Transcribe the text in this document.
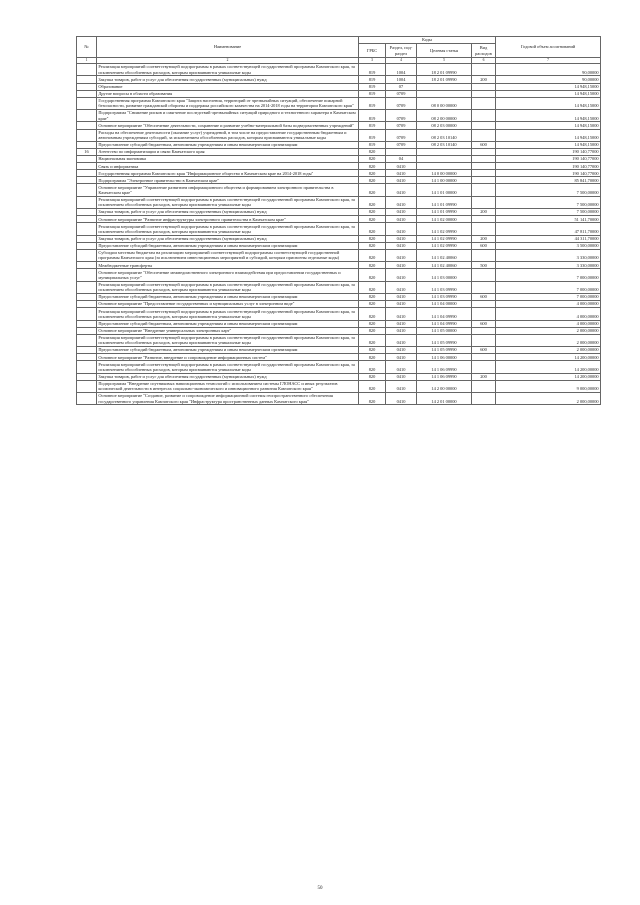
№	Наименование	Коды				Годовой объем ассигнований
		ГРБС	Раздел, под-раздел	Целевая статья	Вид расходов	
1	2	3	4	5	6	7
	Реализация мероприятий соответствующей подпрограммы в рамках соответствующей государственной программы Камчатского края, за исключением обособленных расходов, которым присваиваются уникальные коды	819	1004	18 2 01 09990		90,00000
	Закупка товаров, работ и услуг для обеспечения государственных (муниципальных) нужд	819	1004	18 2 01 09990	200	90,00000
	Образование	819	07			14 948,15000
	Другие вопросы в области образования	819	0709			14 948,15000
	Государственная программа Камчатского края "Защита населения, территорий от чрезвычайных ситуаций, обеспечение пожарной безопасности, развитие гражданской обороны и поддержка российского казачества на 2014-2018 годы на территории Камчатского края"	819	0709	08 0 00 00000		14 948,15000
	Подпрограмма "Снижение рисков и смягчение последствий чрезвычайных ситуаций природного и техногенного характера в Камчатском крае"	819	0709	08 2 00 00000		14 948,15000
	Основное мероприятие "Обеспечение деятельности, сохранение и развитие учебно-материальной базы подведомственных учреждений"	819	0709	08 2 03 00000		14 948,15000
	Расходы на обеспечение деятельности (оказание услуг) учреждений, в том числе на предоставление государственным бюджетным и автономным учреждениям субсидий, за исключением обособленных расходов, которым присваиваются уникальные коды	819	0709	08 2 03 10140		14 948,15000
	Предоставление субсидий бюджетным, автономным учреждениям и иным некоммерческим организациям	819	0709	08 2 03 10140	600	14 948,15000
16	Агентство по информатизации и связи Камчатского края	820				190 140,77000
	Национальная экономика	820	04			190 140,77000
	Связь и информатика	820	0410			190 140,77000
	Государственная программа Камчатского края "Информационное общество в Камчатском крае на 2014-2018 годы"	820	0410	14 0 00 00000		190 140,77000
	Подпрограмма "Электронное правительство в Камчатском крае"	820	0410	14 1 00 00000		85 841,70000
	Основное мероприятие "Управление развитием информационного общества и формированием электронного правительства в Камчатском крае"	820	0410	14 1 01 00000		7 500,00000
	Реализация мероприятий соответствующей подпрограммы в рамках соответствующей государственной программы Камчатского края, за исключением обособленных расходов, которым присваиваются уникальные коды	820	0410	14 1 01 09990		7 500,00000
	Закупка товаров, работ и услуг для обеспечения государственных (муниципальных) нужд	820	0410	14 1 01 09990	200	7 500,00000
	Основное мероприятие "Развитие инфраструктуры электронного правительства в Камчатском крае"	820	0410	14 1 02 00000		51 141,70000
	Реализация мероприятий соответствующей подпрограммы в рамках соответствующей государственной программы Камчатского края, за исключением обособленных расходов, которым присваиваются уникальные коды	820	0410	14 1 02 09990		47 811,70000
	Закупка товаров, работ и услуг для обеспечения государственных (муниципальных) нужд	820	0410	14 1 02 09990	200	44 311,70000
	Предоставление субсидий бюджетным, автономным учреждениям и иным некоммерческим организациям	820	0410	14 1 02 09990	600	3 500,00000
	Субсидии местным бюджетам на реализацию мероприятий соответствующей подпрограммы соответствующей государственной программы Камчатского края (за исключением инвестиционных мероприятий и субсидий, которым присвоены отдельные коды)	820	0410	14 1 02 40060		3 330,00000
	Межбюджетные трансферты	820	0410	14 1 02 40060	500	3 330,00000
	Основное мероприятие "Обеспечение межведомственного электронного взаимодействия при предоставлении государственных и муниципальных услуг"	820	0410	14 1 03 00000		7 000,00000
	Реализация мероприятий соответствующей подпрограммы в рамках соответствующей государственной программы Камчатского края, за исключением обособленных расходов, которым присваиваются уникальные коды	820	0410	14 1 03 09990		7 000,00000
	Предоставление субсидий бюджетным, автономным учреждениям и иным некоммерческим организациям	820	0410	14 1 03 09990	600	7 000,00000
	Основное мероприятие "Предоставление государственных и муниципальных услуг в электронном виде"	820	0410	14 1 04 00000		4 000,00000
	Реализация мероприятий соответствующей подпрограммы в рамках соответствующей государственной программы Камчатского края, за исключением обособленных расходов, которым присваиваются уникальные коды	820	0410	14 1 04 09990		4 000,00000
	Предоставление субсидий бюджетным, автономным учреждениям и иным некоммерческим организациям	820	0410	14 1 04 09990	600	4 000,00000
	Основное мероприятие "Внедрение универсальных электронных карт"	820	0410	14 1 05 00000		2 000,00000
	Реализация мероприятий соответствующей подпрограммы в рамках соответствующей государственной программы Камчатского края, за исключением обособленных расходов, которым присваиваются уникальные коды	820	0410	14 1 05 09990		2 000,00000
	Предоставление субсидий бюджетным, автономным учреждениям и иным некоммерческим организациям	820	0410	14 1 05 09990	600	2 000,00000
	Основное мероприятие "Развитие, внедрение и сопровождение информационных систем"	820	0410	14 1 06 00000		14 200,00000
	Реализация мероприятий соответствующей подпрограммы в рамках соответствующей государственной программы Камчатского края, за исключением обособленных расходов, которым присваиваются уникальные коды	820	0410	14 1 06 09990		14 200,00000
	Закупка товаров, работ и услуг для обеспечения государственных (муниципальных) нужд	820	0410	14 1 06 09990	200	14 200,00000
	Подпрограмма "Внедрение спутниковых навигационных технологий с использованием системы ГЛОНАСС и иных результатов космической деятельности в интересах социально-экономического и инновационного развития Камчатского края"	820	0410	14 2 00 00000		9 000,00000
	Основное мероприятие "Создание, развитие и сопровождение информационной системы геопространственного обеспечения государственного управления Камчатского края "Инфраструктура пространственных данных Камчатского края"	820	0410	14 2 01 00000		2 000,00000
50
